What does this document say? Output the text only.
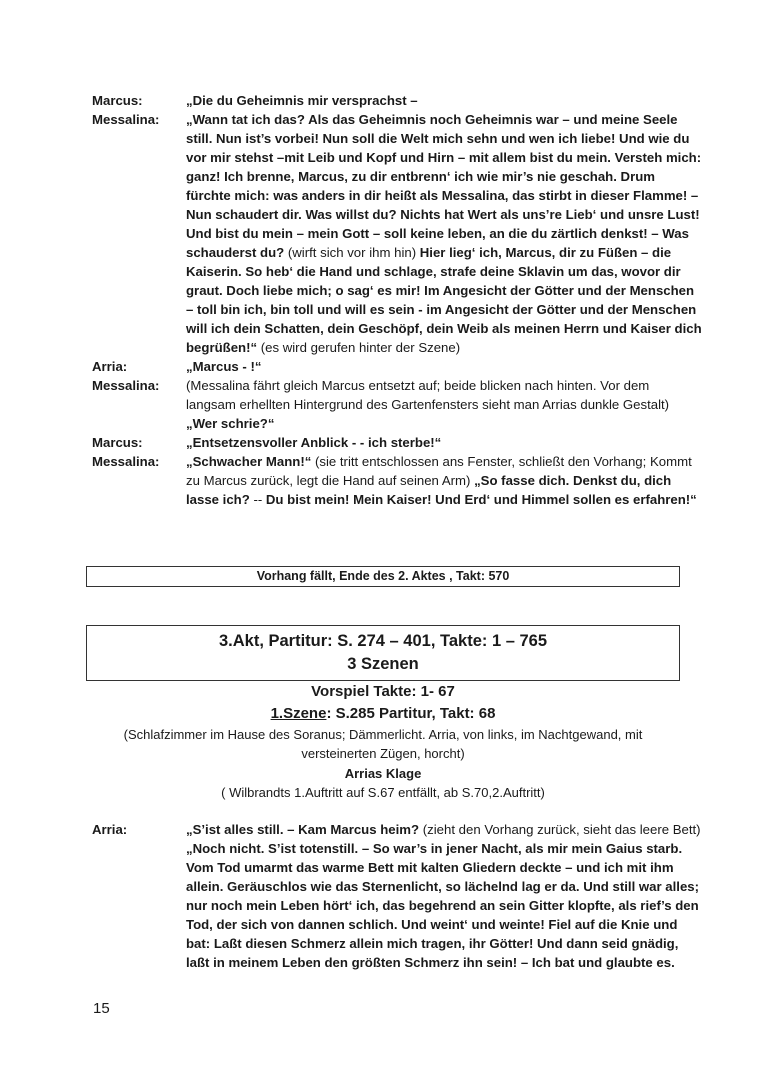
Marcus:	„Die du Geheimnis mir versprachst –
Messalina:	„Wann tat ich das? Als das Geheimnis noch Geheimnis war – und meine Seele still. Nun ist’s vorbei! Nun soll die Welt mich sehn und wen ich liebe! Und wie du vor mir stehst –mit Leib und Kopf und Hirn – mit allem bist du mein. Versteh mich: ganz! Ich brenne, Marcus, zu dir entbrenn‘ ich wie mir’s nie geschah. Drum fürchte mich: was anders in dir heißt als Messalina, das stirbt in dieser Flamme! – Nun schaudert dir. Was willst du? Nichts hat Wert als uns’re Lieb‘ und unsre Lust! Und bist du mein – mein Gott – soll keine leben, an die du zärtlich denkst! – Was schauderst du? (wirft sich vor ihm hin) Hier lieg‘ ich, Marcus, dir zu Füßen – die Kaiserin. So heb‘ die Hand und schlage, strafe deine Sklavin um das, wovor dir graut. Doch liebe mich; o sag‘ es mir! Im Angesicht der Götter und der Menschen – toll bin ich, bin toll und will es sein - im Angesicht der Götter und der Menschen will ich dein Schatten, dein Geschöpf, dein Weib als meinen Herrn und Kaiser dich begrüßen!“ (es wird gerufen hinter der Szene)
Arria:	„Marcus - !“
Messalina:	(Messalina fährt gleich Marcus entsetzt auf; beide blicken nach hinten. Vor dem langsam erhellten Hintergrund des Gartenfensters sieht man Arrias dunkle Gestalt) „Wer schrie?“
Marcus:	„Entsetzensvoller Anblick - - ich sterbe!“
Messalina:	„Schwacher Mann!“ (sie tritt entschlossen ans Fenster, schließt den Vorhang; Kommt zu Marcus zurück, legt die Hand auf seinen Arm) „So fasse dich. Denkst du, dich lasse ich? -- Du bist mein! Mein Kaiser! Und Erd‘ und Himmel sollen es erfahren!“
Vorhang fällt, Ende des 2. Aktes , Takt: 570
3.Akt, Partitur: S. 274 – 401, Takte: 1 – 765
3 Szenen
Vorspiel Takte: 1- 67
1.Szene: S.285 Partitur, Takt: 68
(Schlafzimmer im Hause des Soranus; Dämmerlicht. Arria, von links, im Nachtgewand, mit versteinerten Zügen, horcht)
Arrias Klage
( Wilbrandts 1.Auftritt auf S.67 entfällt, ab S.70,2.Auftritt)
Arria:	„S’ist alles still. – Kam Marcus heim? (zieht den Vorhang zurück, sieht das leere Bett) „Noch nicht. S’ist totenstill. – So war’s in jener Nacht, als mir mein Gaius starb. Vom Tod umarmt das warme Bett mit kalten Gliedern deckte – und ich mit ihm allein. Geräuschlos wie das Sternenlicht, so lächelnd lag er da. Und still war alles; nur noch mein Leben hört‘ ich, das begehrend an sein Gitter klopfte, als rief’s den Tod, der sich von dannen schlich. Und weint‘ und weinte! Fiel auf die Knie und bat: Laßt diesen Schmerz allein mich tragen, ihr Götter! Und dann seid gnädig, laßt in meinem Leben den größten Schmerz ihn sein! – Ich bat und glaubte es.
15
